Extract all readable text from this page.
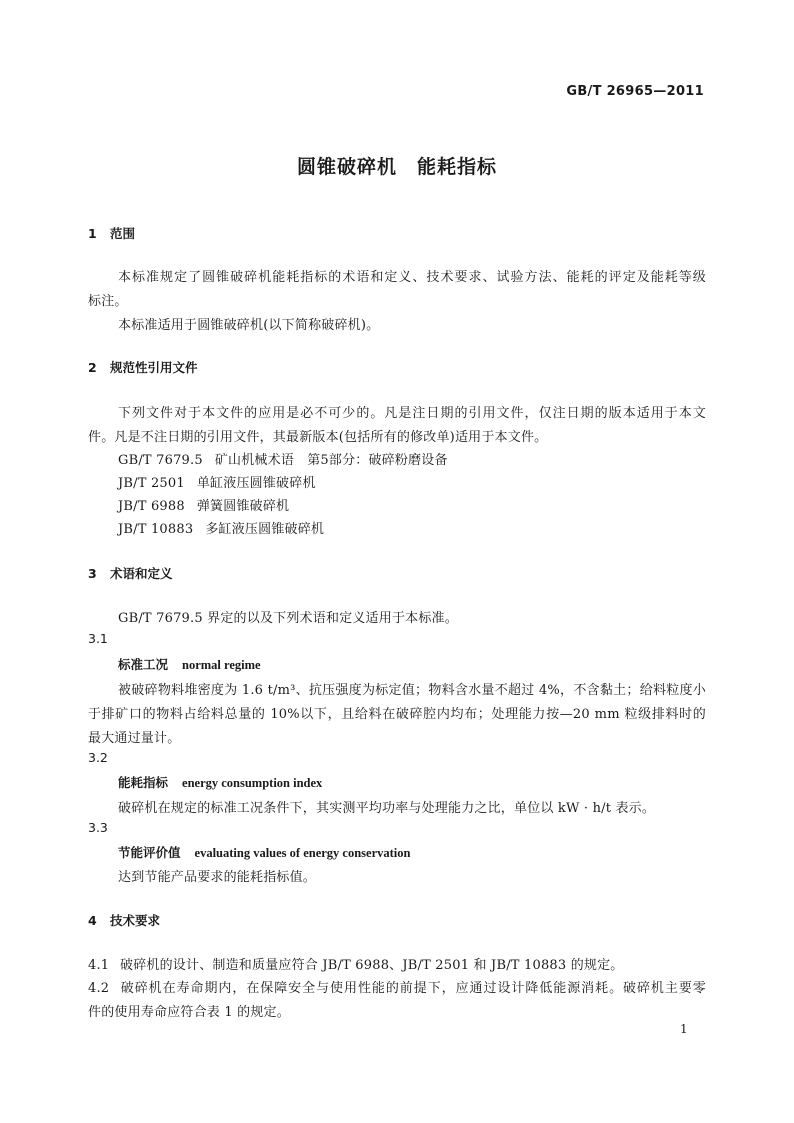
GB/T 26965—2011
圆锥破碎机　能耗指标
1 范围
本标准规定了圆锥破碎机能耗指标的术语和定义、技术要求、试验方法、能耗的评定及能耗等级
标注。
本标准适用于圆锥破碎机(以下简称破碎机)。
2 规范性引用文件
下列文件对于本文件的应用是必不可少的。凡是注日期的引用文件，仅注日期的版本适用于本文
件。凡是不注日期的引用文件，其最新版本(包括所有的修改单)适用于本文件。
GB/T 7679.5 矿山机械术语　第5部分：破碎粉磨设备
JB/T 2501 单缸液压圆锥破碎机
JB/T 6988 弹簧圆锥破碎机
JB/T 10883 多缸液压圆锥破碎机
3 术语和定义
GB/T 7679.5 界定的以及下列术语和定义适用于本标准。
3.1
标准工况 normal regime
被破碎物料堆密度为 1.6 t/m³、抗压强度为标定值；物料含水量不超过 4%，不含黏土；给料粒度小
于排矿口的物料占给料总量的 10%以下，且给料在破碎腔内均布；处理能力按—20 mm 粒级排料时的
最大通过量计。
3.2
能耗指标 energy consumption index
破碎机在规定的标准工况条件下，其实测平均功率与处理能力之比，单位以 kW · h/t 表示。
3.3
节能评价值 evaluating values of energy conservation
达到节能产品要求的能耗指标值。
4 技术要求
4.1 破碎机的设计、制造和质量应符合 JB/T 6988、JB/T 2501 和 JB/T 10883 的规定。
4.2 破碎机在寿命期内，在保障安全与使用性能的前提下，应通过设计降低能源消耗。破碎机主要零
件的使用寿命应符合表 1 的规定。
1
